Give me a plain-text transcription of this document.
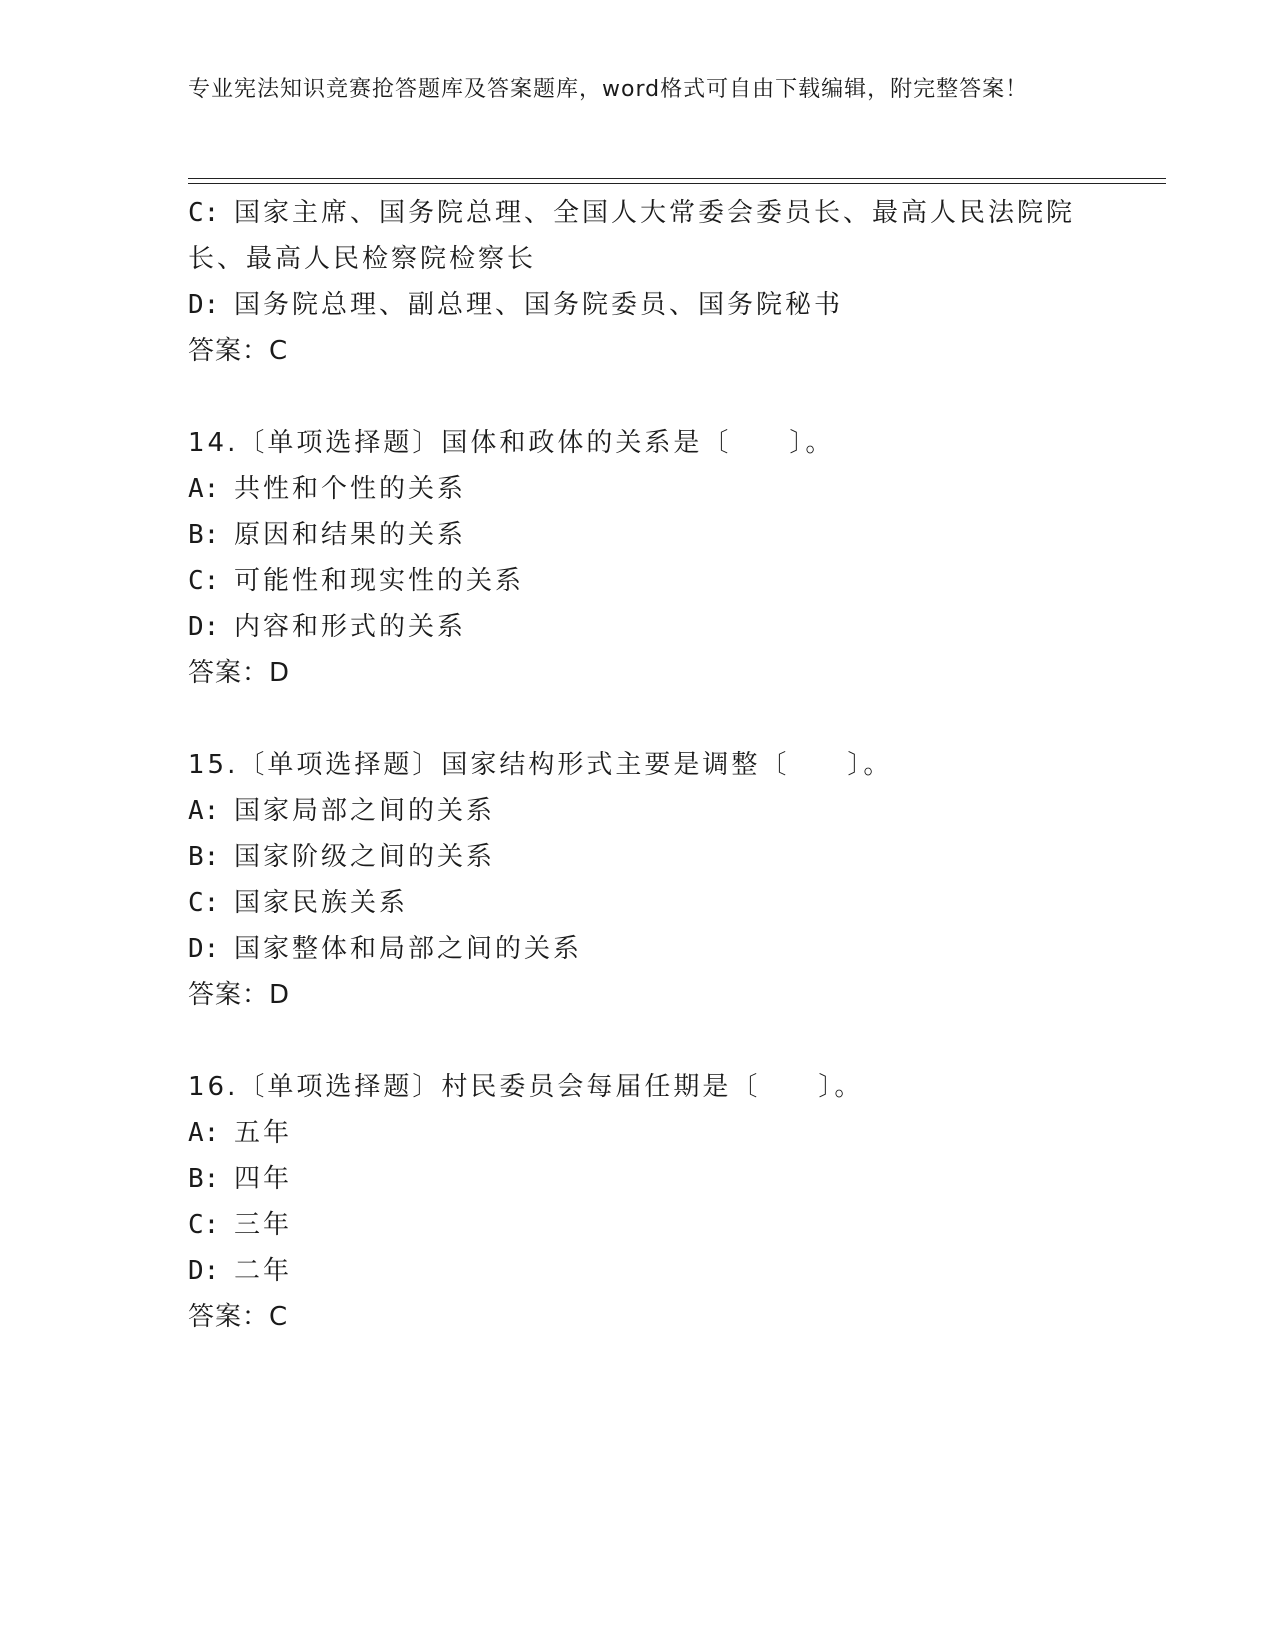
专业宪法知识竞赛抢答题库及答案题库，word格式可自由下载编辑，附完整答案！
C: 国家主席、国务院总理、全国人大常委会委员长、最高人民法院院
长、最高人民检察院检察长
D: 国务院总理、副总理、国务院委员、国务院秘书
答案：C
14.〔单项选择题〕国体和政体的关系是〔　　〕。
A: 共性和个性的关系
B: 原因和结果的关系
C: 可能性和现实性的关系
D: 内容和形式的关系
答案：D
15.〔单项选择题〕国家结构形式主要是调整〔　　〕。
A: 国家局部之间的关系
B: 国家阶级之间的关系
C: 国家民族关系
D: 国家整体和局部之间的关系
答案：D
16.〔单项选择题〕村民委员会每届任期是〔　　〕。
A: 五年
B: 四年
C: 三年
D: 二年
答案：C
